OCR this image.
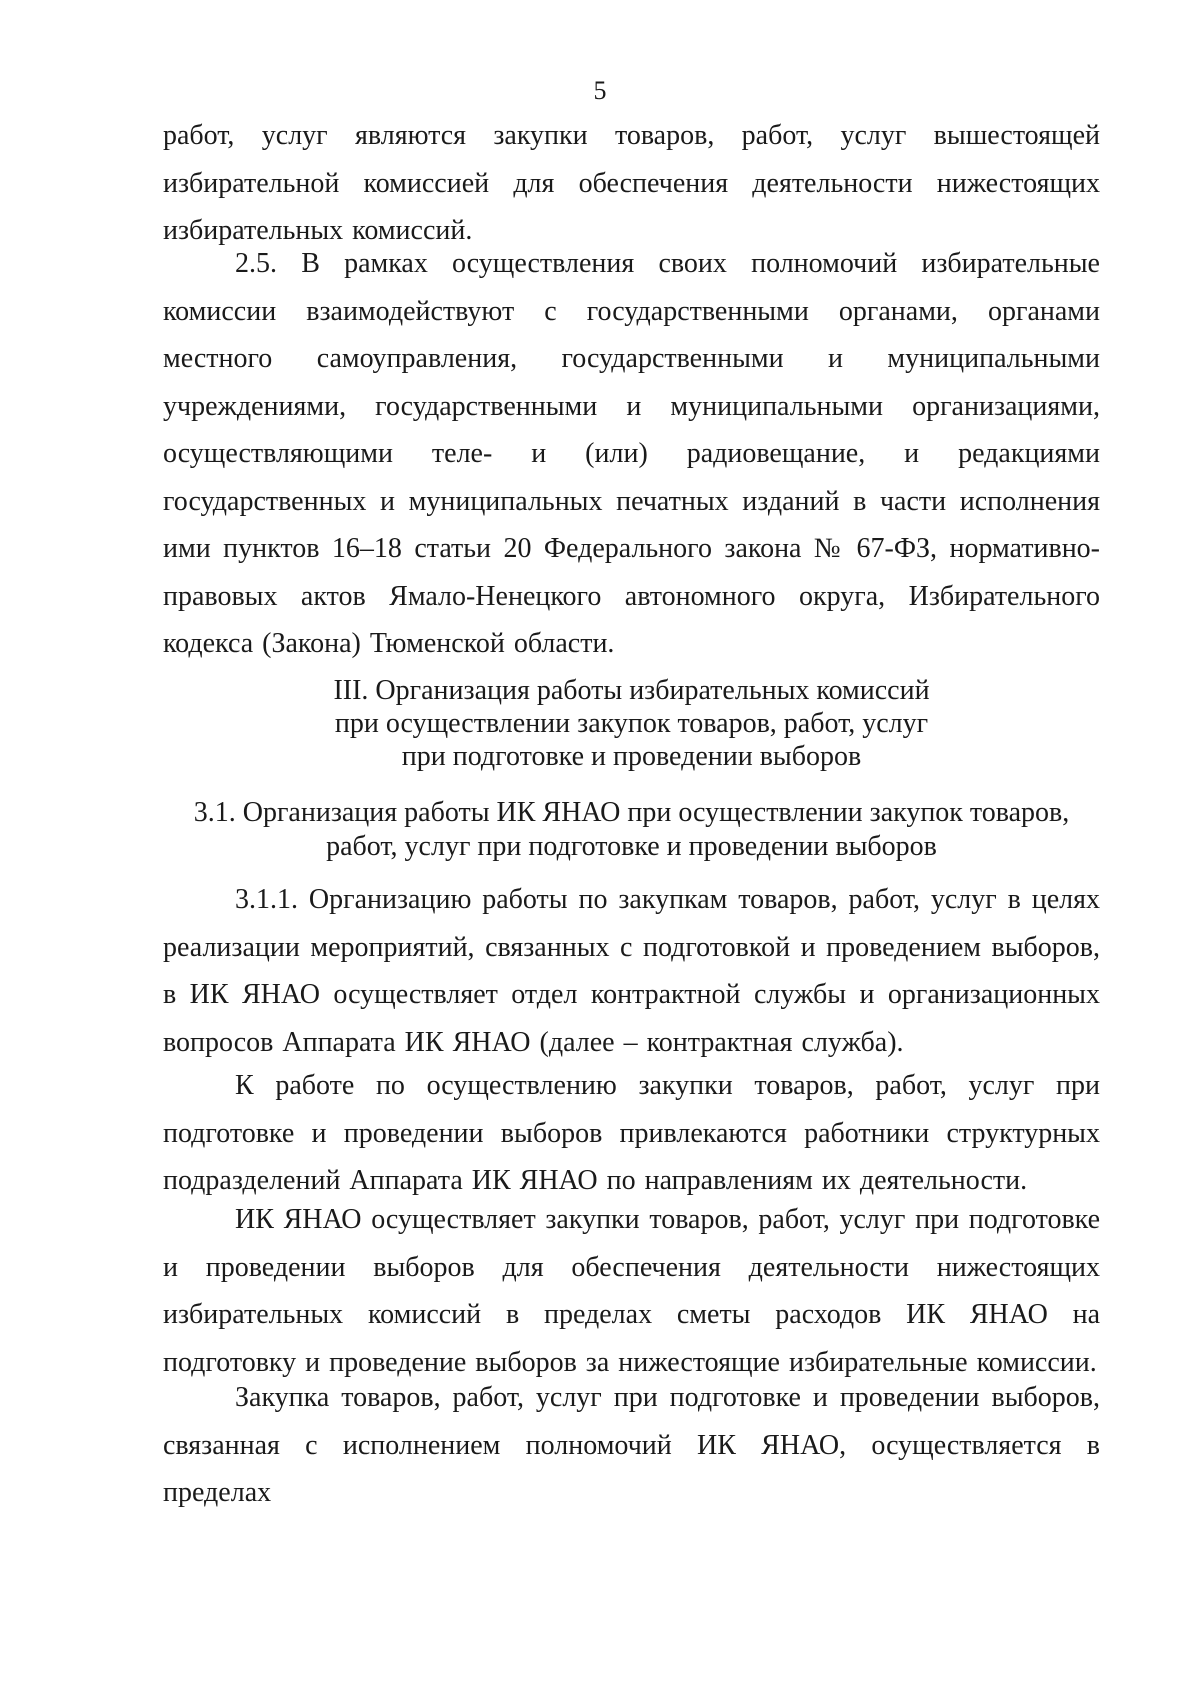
5

работ, услуг являются закупки товаров, работ, услуг вышестоящей избирательной комиссией для обеспечения деятельности нижестоящих избирательных комиссий.

2.5. В рамках осуществления своих полномочий избирательные комиссии взаимодействуют с государственными органами, органами местного самоуправления, государственными и муниципальными учреждениями, государственными и муниципальными организациями, осуществляющими теле- и (или) радиовещание, и редакциями государственных и муниципальных печатных изданий в части исполнения ими пунктов 16–18 статьи 20 Федерального закона № 67-ФЗ, нормативно-правовых актов Ямало-Ненецкого автономного округа, Избирательного кодекса (Закона) Тюменской области.

III. Организация работы избирательных комиссий
при осуществлении закупок товаров, работ, услуг
при подготовке и проведении выборов
3.1. Организация работы ИК ЯНАО при осуществлении закупок товаров,
работ, услуг при подготовке и проведении выборов

3.1.1. Организацию работы по закупкам товаров, работ, услуг в целях реализации мероприятий, связанных с подготовкой и проведением выборов, в ИК ЯНАО осуществляет отдел контрактной службы и организационных вопросов Аппарата ИК ЯНАО (далее – контрактная служба).

К работе по осуществлению закупки товаров, работ, услуг при подготовке и проведении выборов привлекаются работники структурных подразделений Аппарата ИК ЯНАО по направлениям их деятельности.

ИК ЯНАО осуществляет закупки товаров, работ, услуг при подготовке и проведении выборов для обеспечения деятельности нижестоящих избирательных комиссий в пределах сметы расходов ИК ЯНАО на подготовку и проведение выборов за нижестоящие избирательные комиссии.

Закупка товаров, работ, услуг при подготовке и проведении выборов, связанная с исполнением полномочий ИК ЯНАО, осуществляется в пределах
